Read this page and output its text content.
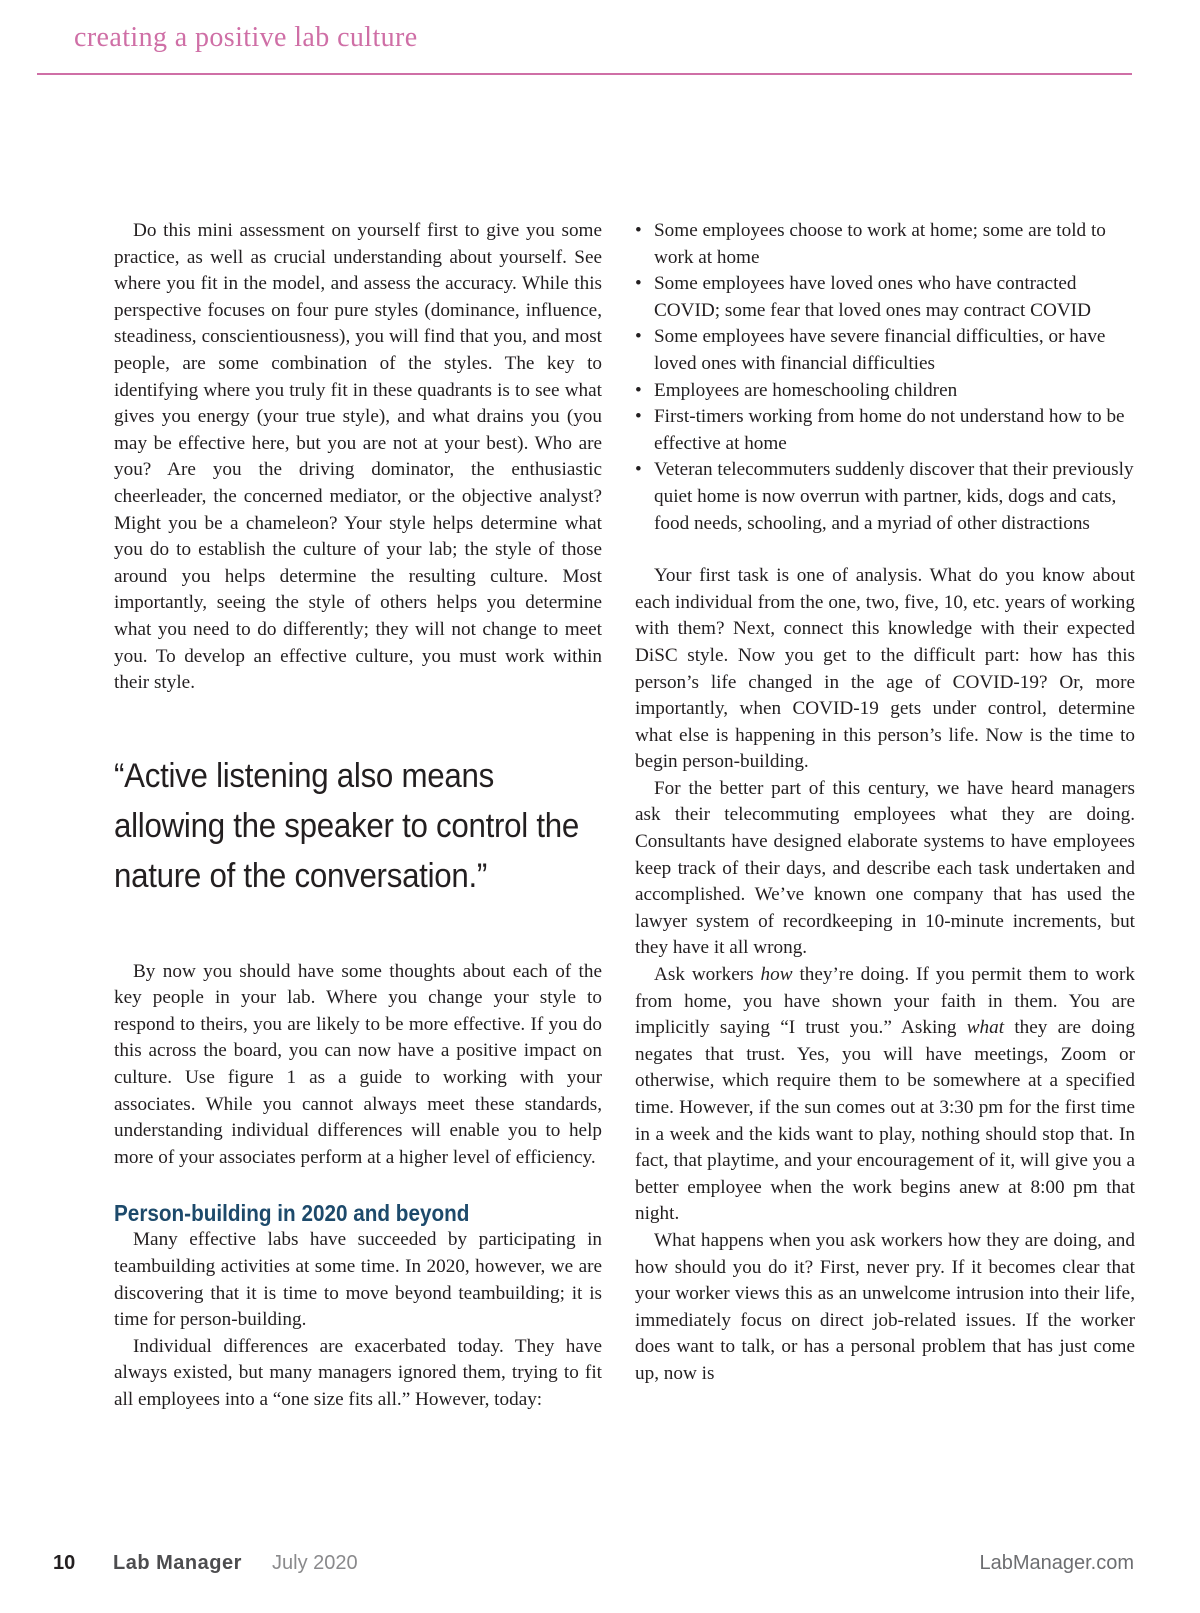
creating a positive lab culture

Do this mini assessment on yourself first to give you some practice, as well as crucial understanding about yourself. See where you fit in the model, and assess the accuracy. While this perspective focuses on four pure styles (dominance, influence, steadiness, conscientiousness), you will find that you, and most people, are some combination of the styles. The key to identifying where you truly fit in these quadrants is to see what gives you energy (your true style), and what drains you (you may be effective here, but you are not at your best). Who are you? Are you the driving dominator, the enthusiastic cheerleader, the concerned mediator, or the objective analyst? Might you be a chameleon? Your style helps determine what you do to establish the culture of your lab; the style of those around you helps determine the resulting culture. Most importantly, seeing the style of others helps you determine what you need to do differently; they will not change to meet you. To develop an effective culture, you must work within their style.

“Active listening also means allowing the speaker to control the nature of the conversation.”

By now you should have some thoughts about each of the key people in your lab. Where you change your style to respond to theirs, you are likely to be more effective. If you do this across the board, you can now have a positive impact on culture. Use figure 1 as a guide to working with your associates. While you cannot always meet these standards, understanding individual differences will enable you to help more of your associates perform at a higher level of efficiency.

Person-building in 2020 and beyond

Many effective labs have succeeded by participating in teambuilding activities at some time. In 2020, however, we are discovering that it is time to move beyond teambuilding; it is time for person-building.

Individual differences are exacerbated today. They have always existed, but many managers ignored them, trying to fit all employees into a “one size fits all.” However, today:

• Some employees choose to work at home; some are told to work at home
• Some employees have loved ones who have contracted COVID; some fear that loved ones may contract COVID
• Some employees have severe financial difficulties, or have loved ones with financial difficulties
• Employees are homeschooling children
• First-timers working from home do not understand how to be effective at home
• Veteran telecommuters suddenly discover that their previously quiet home is now overrun with partner, kids, dogs and cats, food needs, schooling, and a myriad of other distractions

Your first task is one of analysis. What do you know about each individual from the one, two, five, 10, etc. years of working with them? Next, connect this knowledge with their expected DiSC style. Now you get to the difficult part: how has this person’s life changed in the age of COVID-19? Or, more importantly, when COVID-19 gets under control, determine what else is happening in this person’s life. Now is the time to begin person-building.

For the better part of this century, we have heard managers ask their telecommuting employees what they are doing. Consultants have designed elaborate systems to have employees keep track of their days, and describe each task undertaken and accomplished. We’ve known one company that has used the lawyer system of recordkeeping in 10-minute increments, but they have it all wrong.

Ask workers how they’re doing. If you permit them to work from home, you have shown your faith in them. You are implicitly saying “I trust you.” Asking what they are doing negates that trust. Yes, you will have meetings, Zoom or otherwise, which require them to be somewhere at a specified time. However, if the sun comes out at 3:30 pm for the first time in a week and the kids want to play, nothing should stop that. In fact, that playtime, and your encouragement of it, will give you a better employee when the work begins anew at 8:00 pm that night.

What happens when you ask workers how they are doing, and how should you do it? First, never pry. If it becomes clear that your worker views this as an unwelcome intrusion into their life, immediately focus on direct job-related issues. If the worker does want to talk, or has a personal problem that has just come up, now is

10 Lab Manager July 2020	LabManager.com
